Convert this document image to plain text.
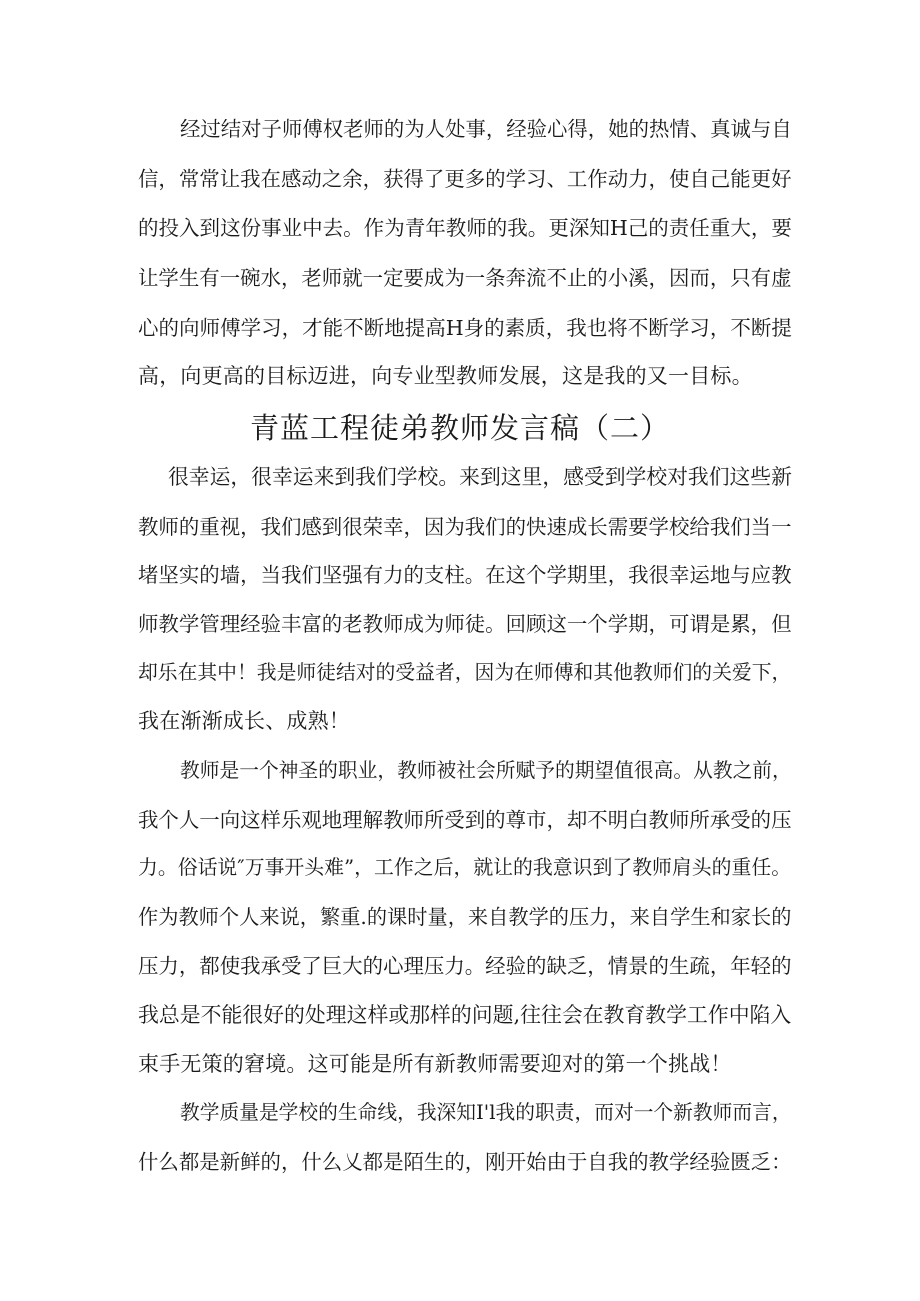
经过结对子师傅权老师的为人处事，经验心得，她的热情、真诚与自
信，常常让我在感动之余，获得了更多的学习、工作动力，使自己能更好
的投入到这份事业中去。作为青年教师的我。更深知H己的责任重大，要
让学生有一碗水，老师就一定要成为一条奔流不止的小溪，因而，只有虚
心的向师傅学习，才能不断地提高H身的素质，我也将不断学习，不断提
高，向更高的目标迈进，向专业型教师发展，这是我的又一目标。
青蓝工程徒弟教师发言稿（二）
很幸运，很幸运来到我们学校。来到这里，感受到学校对我们这些新
教师的重视，我们感到很荣幸，因为我们的快速成长需要学校给我们当一
堵坚实的墙，当我们坚强有力的支柱。在这个学期里，我很幸运地与应教
师教学管理经验丰富的老教师成为师徒。回顾这一个学期，可谓是累，但
却乐在其中！我是师徒结对的受益者，因为在师傅和其他教师们的关爱下，
我在渐渐成长、成熟！
教师是一个神圣的职业，教师被社会所赋予的期望值很高。从教之前，
我个人一向这样乐观地理解教师所受到的尊市，却不明白教师所承受的压
力。俗话说″万事开头难”，工作之后，就让的我意识到了教师肩头的重任。
作为教师个人来说，繁重.的课时量，来自教学的压力，来自学生和家长的
压力，都使我承受了巨大的心理压力。经验的缺乏，情景的生疏，年轻的
我总是不能很好的处理这样或那样的问题,往往会在教育教学工作中陷入
束手无策的窘境。这可能是所有新教师需要迎对的第一个挑战！
教学质量是学校的生命线，我深知I'l我的职责，而对一个新教师而言，
什么都是新鲜的，什么乂都是陌生的，刚开始由于自我的教学经验匮乏：
